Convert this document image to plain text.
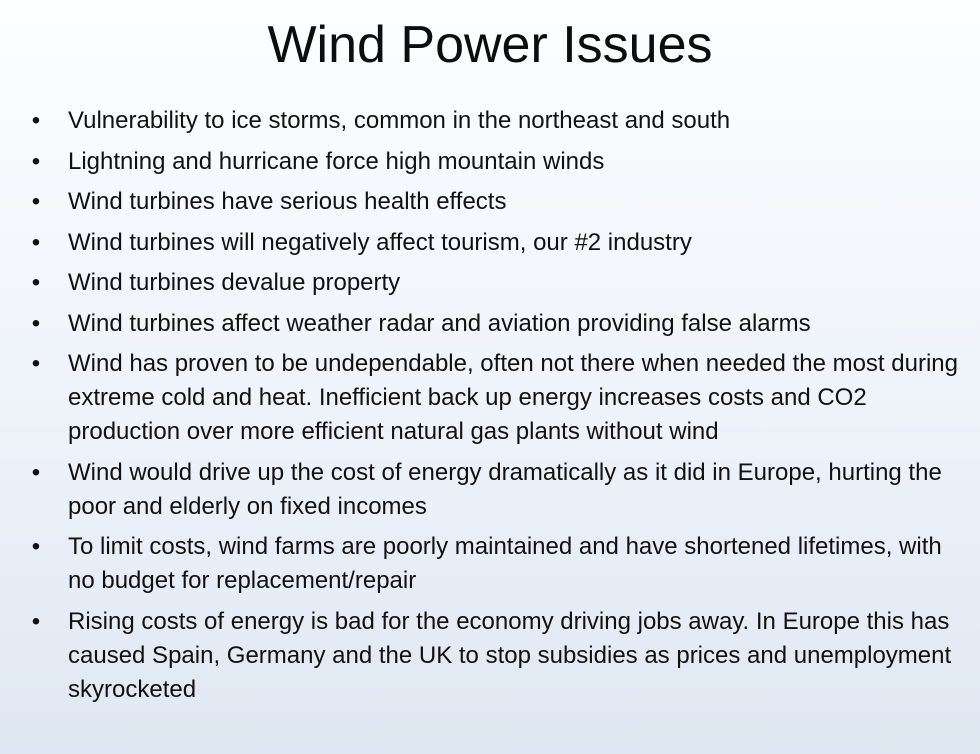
Wind Power Issues
• Vulnerability to ice storms, common in the northeast and south
• Lightning and hurricane force high mountain winds
• Wind turbines have serious health effects
• Wind turbines will negatively affect tourism, our #2 industry
• Wind turbines devalue property
• Wind turbines affect weather radar and aviation providing false alarms
• Wind has proven to be undependable, often not there when needed the most during extreme cold and heat. Inefficient back up energy increases costs and CO2 production over more efficient natural gas plants without wind
• Wind would drive up the cost of energy dramatically as it did in Europe, hurting the poor and elderly on fixed incomes
• To limit costs, wind farms are poorly maintained and have shortened lifetimes, with no budget for replacement/repair
• Rising costs of energy is bad for the economy driving jobs away. In Europe this has caused Spain, Germany and the UK to stop subsidies as prices and unemployment skyrocketed
